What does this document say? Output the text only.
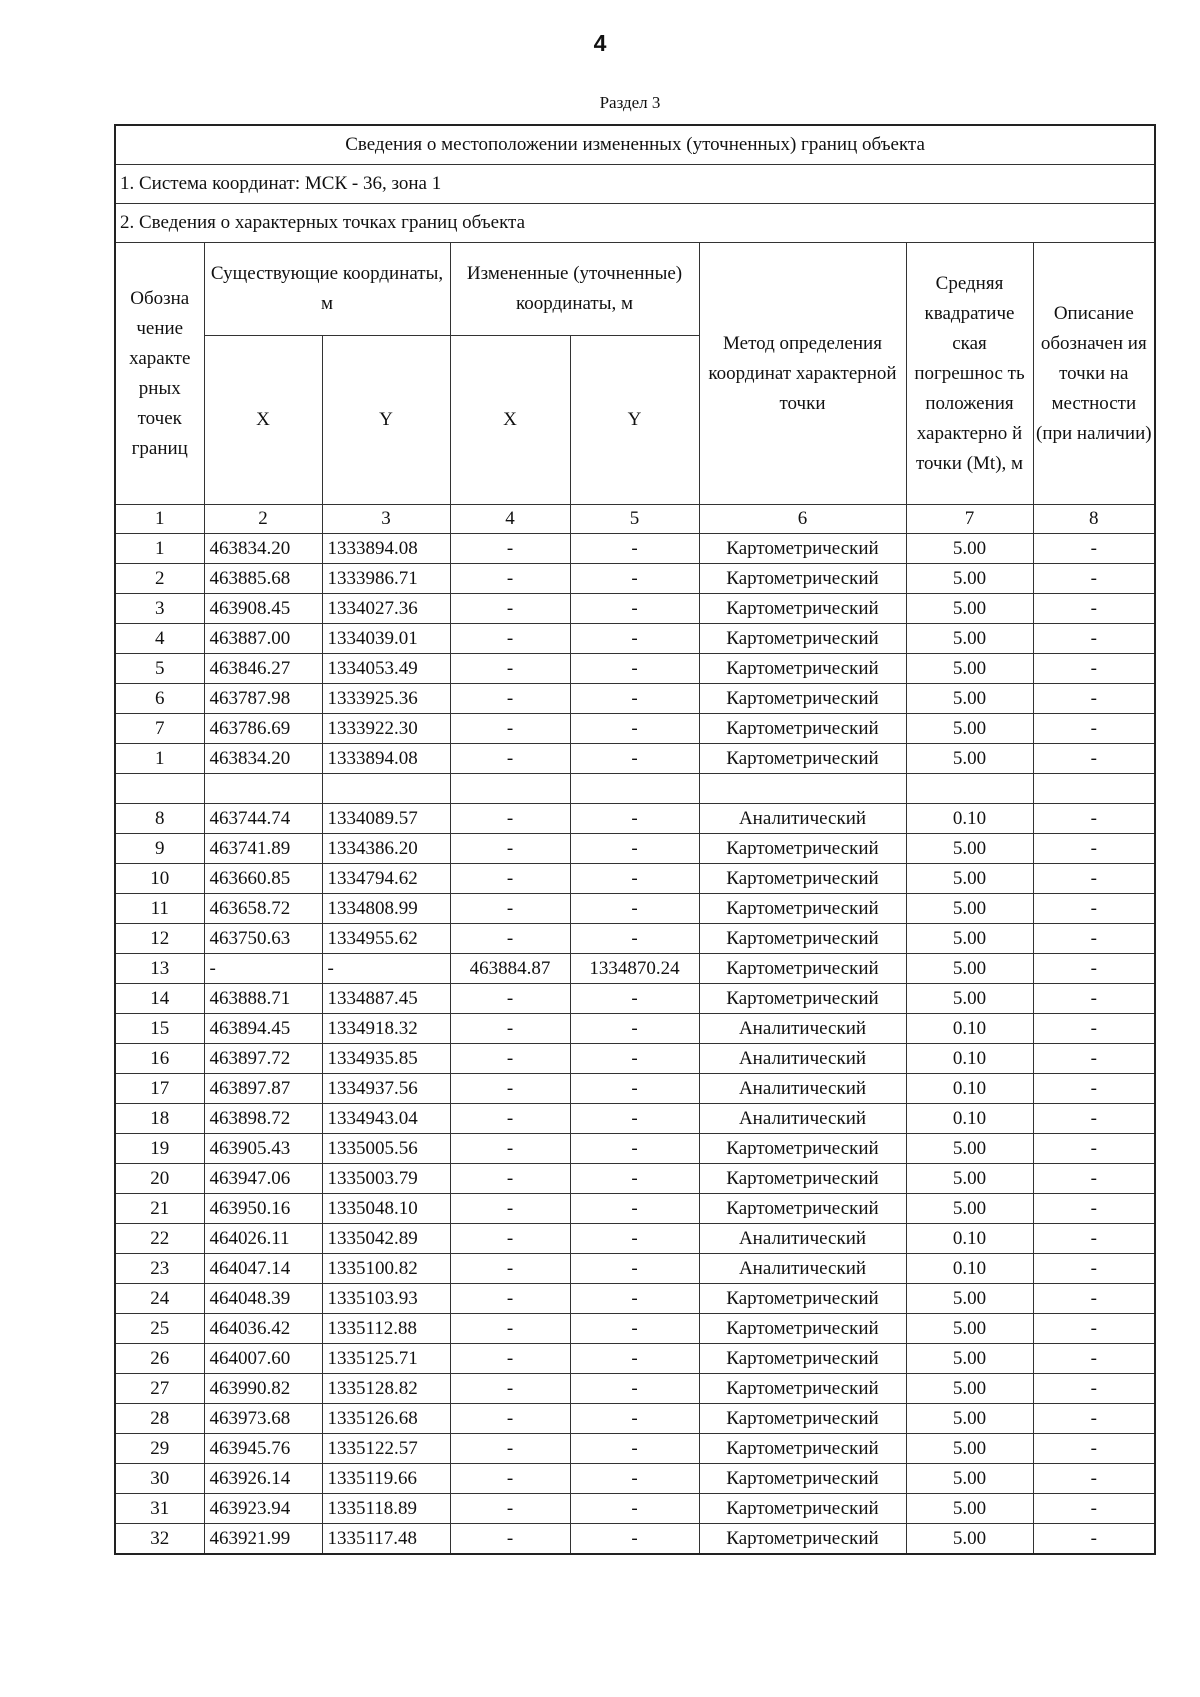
4
Раздел 3
Сведения о местоположении измененных (уточненных) границ объекта							
1. Система координат: МСК - 36, зона 1							
2. Сведения о характерных точках границ объекта							
Обозна чение характе рных точек границ	Существующие координаты, м		Измененные (уточненные) координаты, м		Метод определения координат характерной точки	Средняя квадратиче ская погрешнос ть положения характерно й точки (Mt), м	Описание обозначен ия точки на местности (при наличии)
	X	Y	X	Y			
1	2	3	4	5	6	7	8
1	463834.20	1333894.08	-	-	Картометрический	5.00	-
2	463885.68	1333986.71	-	-	Картометрический	5.00	-
3	463908.45	1334027.36	-	-	Картометрический	5.00	-
4	463887.00	1334039.01	-	-	Картометрический	5.00	-
5	463846.27	1334053.49	-	-	Картометрический	5.00	-
6	463787.98	1333925.36	-	-	Картометрический	5.00	-
7	463786.69	1333922.30	-	-	Картометрический	5.00	-
1	463834.20	1333894.08	-	-	Картометрический	5.00	-

8	463744.74	1334089.57	-	-	Аналитический	0.10	-
9	463741.89	1334386.20	-	-	Картометрический	5.00	-
10	463660.85	1334794.62	-	-	Картометрический	5.00	-
11	463658.72	1334808.99	-	-	Картометрический	5.00	-
12	463750.63	1334955.62	-	-	Картометрический	5.00	-
13	-	-	463884.87	1334870.24	Картометрический	5.00	-
14	463888.71	1334887.45	-	-	Картометрический	5.00	-
15	463894.45	1334918.32	-	-	Аналитический	0.10	-
16	463897.72	1334935.85	-	-	Аналитический	0.10	-
17	463897.87	1334937.56	-	-	Аналитический	0.10	-
18	463898.72	1334943.04	-	-	Аналитический	0.10	-
19	463905.43	1335005.56	-	-	Картометрический	5.00	-
20	463947.06	1335003.79	-	-	Картометрический	5.00	-
21	463950.16	1335048.10	-	-	Картометрический	5.00	-
22	464026.11	1335042.89	-	-	Аналитический	0.10	-
23	464047.14	1335100.82	-	-	Аналитический	0.10	-
24	464048.39	1335103.93	-	-	Картометрический	5.00	-
25	464036.42	1335112.88	-	-	Картометрический	5.00	-
26	464007.60	1335125.71	-	-	Картометрический	5.00	-
27	463990.82	1335128.82	-	-	Картометрический	5.00	-
28	463973.68	1335126.68	-	-	Картометрический	5.00	-
29	463945.76	1335122.57	-	-	Картометрический	5.00	-
30	463926.14	1335119.66	-	-	Картометрический	5.00	-
31	463923.94	1335118.89	-	-	Картометрический	5.00	-
32	463921.99	1335117.48	-	-	Картометрический	5.00	-
